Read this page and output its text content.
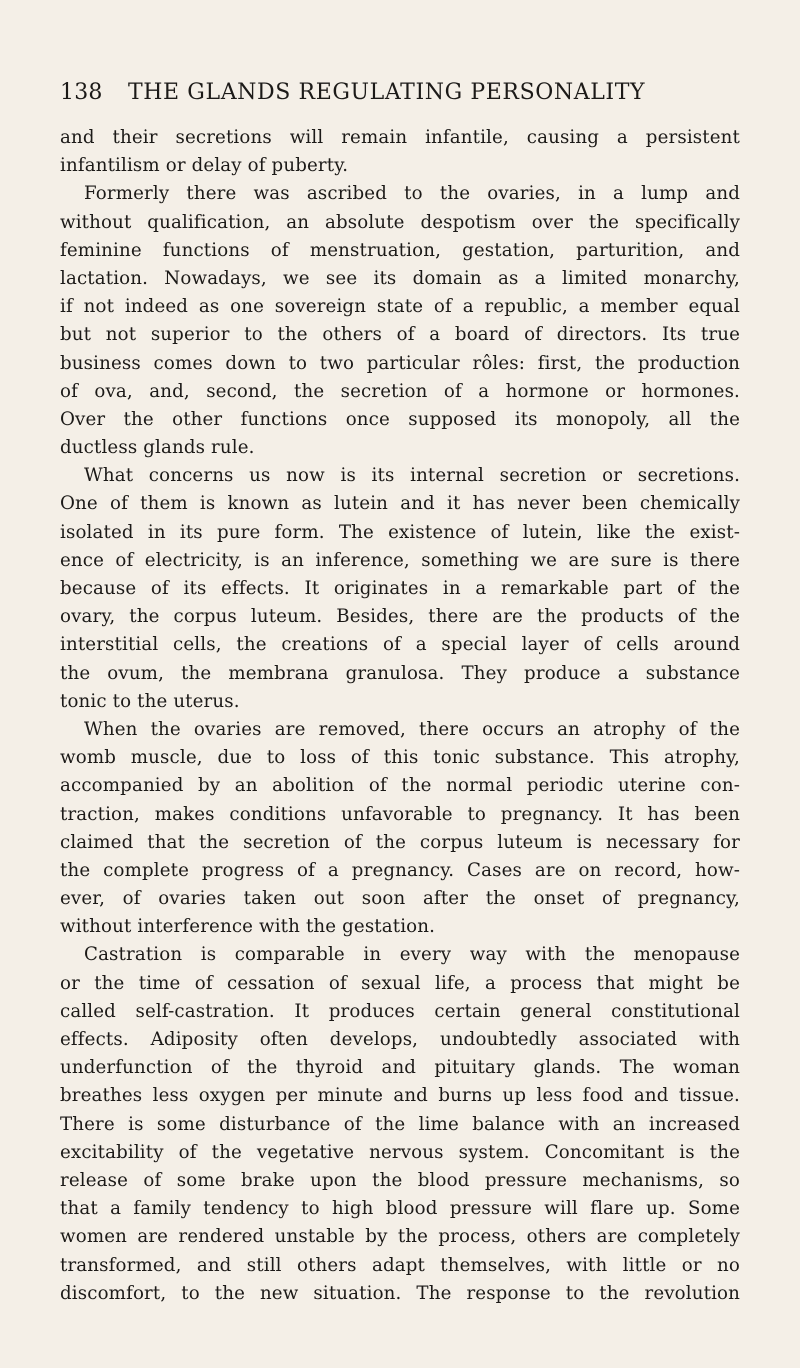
138 THE GLANDS REGULATING PERSONALITY
and their secretions will remain infantile, causing a persistent
infantilism or delay of puberty.
Formerly there was ascribed to the ovaries, in a lump and
without qualification, an absolute despotism over the specifically
feminine functions of menstruation, gestation, parturition, and
lactation. Nowadays, we see its domain as a limited monarchy,
if not indeed as one sovereign state of a republic, a member equal
but not superior to the others of a board of directors. Its true
business comes down to two particular rôles: first, the production
of ova, and, second, the secretion of a hormone or hormones.
Over the other functions once supposed its monopoly, all the
ductless glands rule.
What concerns us now is its internal secretion or secretions.
One of them is known as lutein and it has never been chemically
isolated in its pure form. The existence of lutein, like the exist-
ence of electricity, is an inference, something we are sure is there
because of its effects. It originates in a remarkable part of the
ovary, the corpus luteum. Besides, there are the products of the
interstitial cells, the creations of a special layer of cells around
the ovum, the membrana granulosa. They produce a substance
tonic to the uterus.
When the ovaries are removed, there occurs an atrophy of the
womb muscle, due to loss of this tonic substance. This atrophy,
accompanied by an abolition of the normal periodic uterine con-
traction, makes conditions unfavorable to pregnancy. It has been
claimed that the secretion of the corpus luteum is necessary for
the complete progress of a pregnancy. Cases are on record, how-
ever, of ovaries taken out soon after the onset of pregnancy,
without interference with the gestation.
Castration is comparable in every way with the menopause
or the time of cessation of sexual life, a process that might be
called self-castration. It produces certain general constitutional
effects. Adiposity often develops, undoubtedly associated with
underfunction of the thyroid and pituitary glands. The woman
breathes less oxygen per minute and burns up less food and tissue.
There is some disturbance of the lime balance with an increased
excitability of the vegetative nervous system. Concomitant is the
release of some brake upon the blood pressure mechanisms, so
that a family tendency to high blood pressure will flare up. Some
women are rendered unstable by the process, others are completely
transformed, and still others adapt themselves, with little or no
discomfort, to the new situation. The response to the revolution
